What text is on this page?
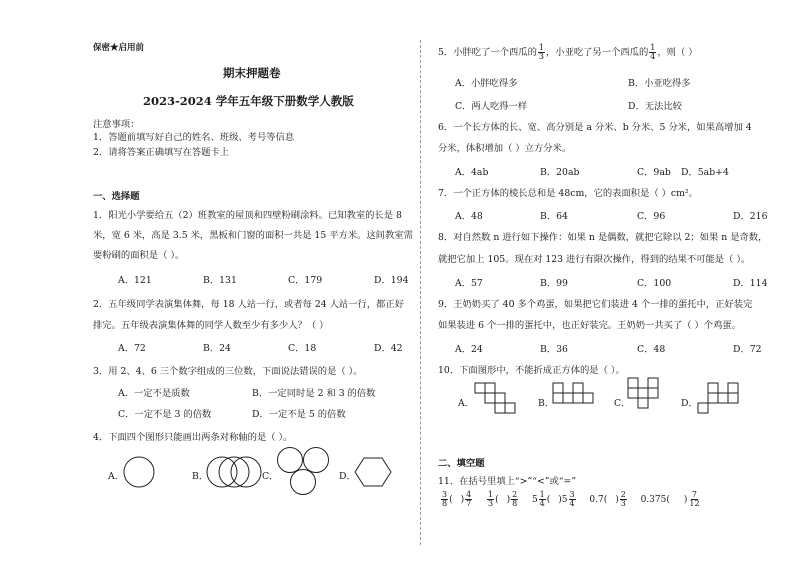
保密★启用前
期末押题卷
2023-2024 学年五年级下册数学人教版
注意事项：
1．答题前填写好自己的姓名、班级、考号等信息
2．请将答案正确填写在答题卡上
一、选择题
1．阳光小学要给五（2）班教室的屋顶和四壁粉刷涂料。已知教室的长是 8
米，宽 6 米，高是 3.5 米，黑板和门窗的面积一共是 15 平方米。这间教室需
要粉刷的面积是（ ）。
A．121	B．131	C．179	D．194
2．五年级同学表演集体舞，每 18 人站一行，或者每 24 人站一行，都正好
排完。五年级表演集体舞的同学人数至少有多少人？（ ）
A．72	B．24	C．18	D．42
3．用 2、4、6 三个数字组成的三位数，下面说法错误的是（ ）。
A．一定不是质数	B．一定同时是 2 和 3 的倍数
C．一定不是 3 的倍数	D．一定不是 5 的倍数
4．下面四个图形只能画出两条对称轴的是（ ）。
A．	B．	C．	D．
5．小胖吃了一个西瓜的 $\frac{1}{3}$ ，小亚吃了另一个西瓜的 $\frac{1}{4}$ ，则（ ）
A．小胖吃得多	B．小亚吃得多
C．两人吃得一样	D．无法比较
6．一个长方体的长、宽、高分别是 a 分米、b 分米、5 分米，如果高增加 4
分米，体积增加（ ）立方分米。
A．4ab	B．20ab	C．9ab D．5ab+4
7．一个正方体的棱长总和是 48cm，它的表面积是（ ）cm²。
A．48	B．64	C．96	D．216
8．对自然数 n 进行如下操作：如果 n 是偶数，就把它除以 2；如果 n 是奇数，
就把它加上 105。现在对 123 进行有限次操作，得到的结果不可能是（ ）。
A．57	B．99	C．100	D．114
9．王奶奶买了 40 多个鸡蛋，如果把它们装进 4 个一排的蛋托中，正好装完
如果装进 6 个一排的蛋托中，也正好装完。王奶奶一共买了（ ）个鸡蛋。
A．24	B．36	C．48	D．72
10．下面图形中，不能折成正方体的是（ ）。
A．	B．	C．	D．
二、填空题
11．在括号里填上“>”“<”或“=”
$\frac{3}{8}$ ( ) $\frac{4}{7}$
$\frac{1}{3}$ ( ) $\frac{2}{8} 5 \frac{1}{4}$ ( )$5 \frac{3}{4} 0.7$( ) $\frac{2}{3} 0.375$( ) $\frac{7}{12}$
